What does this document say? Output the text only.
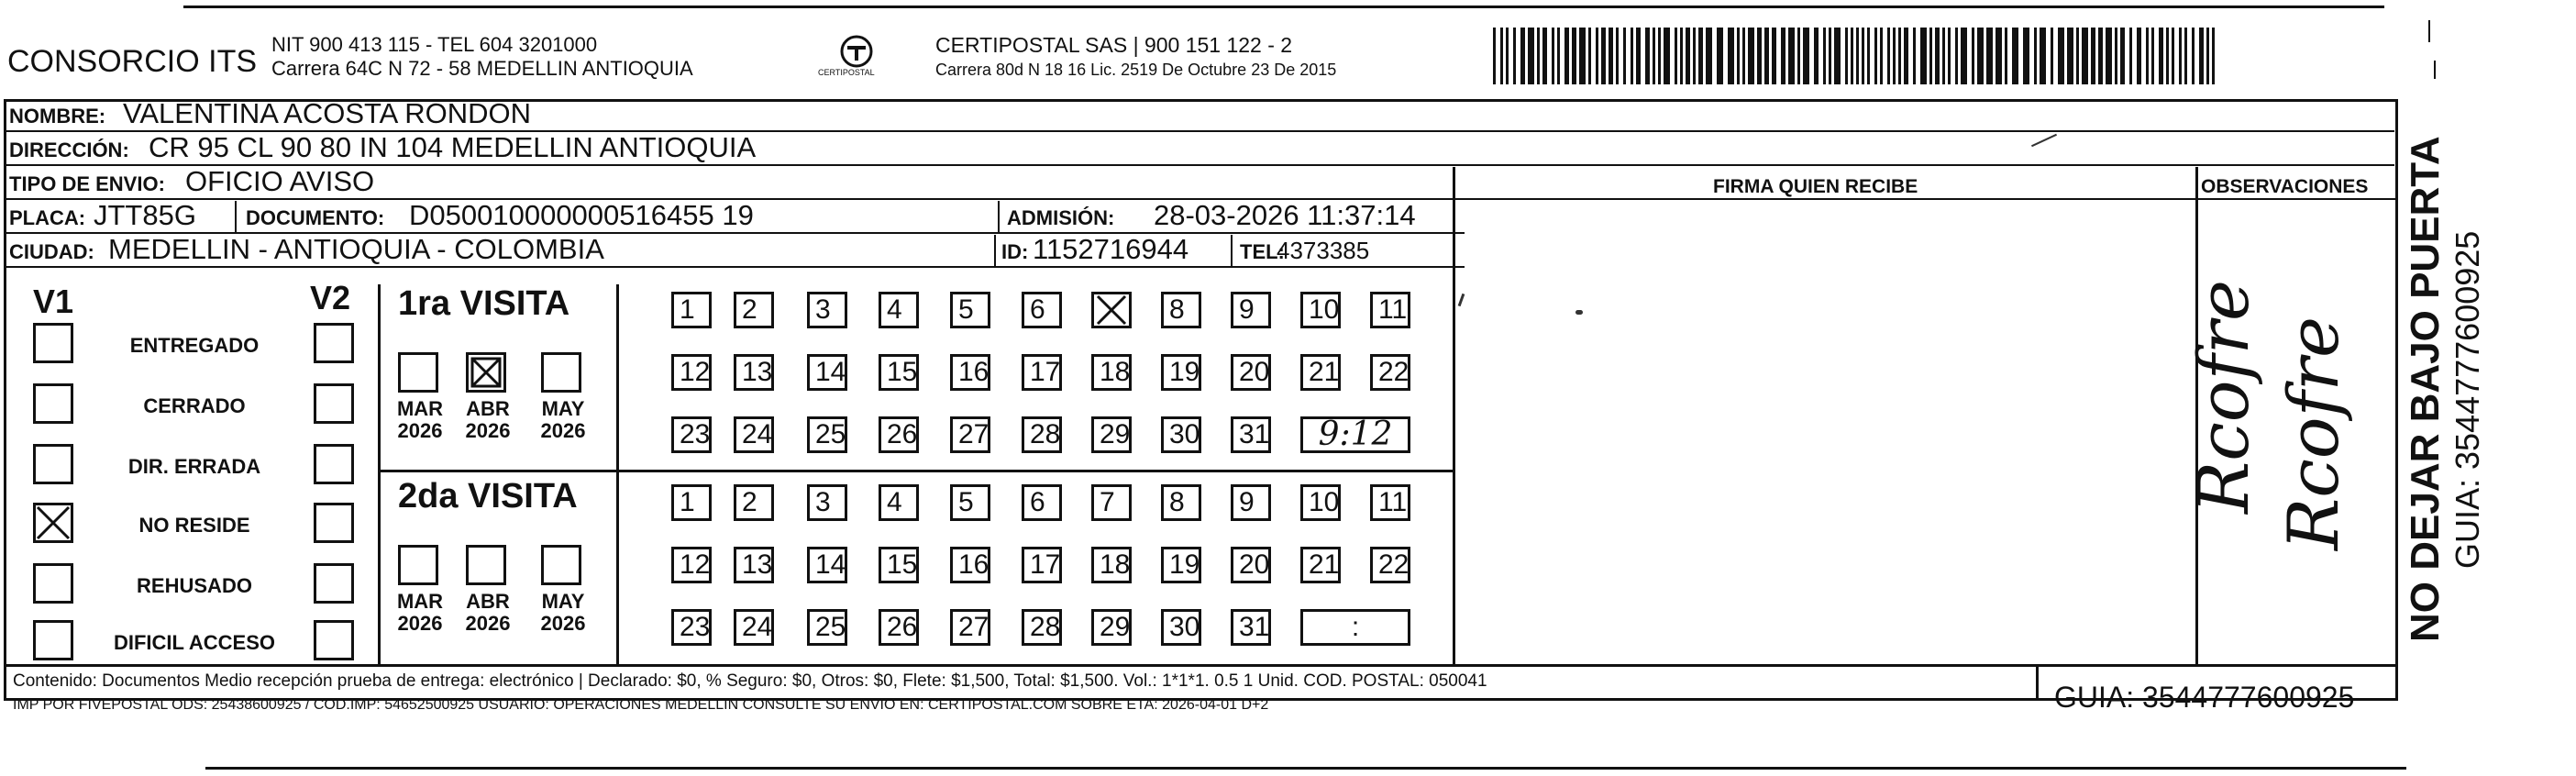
CONSORCIO ITS NIT 900 413 115 - TEL 604 3201000
Carrera 64C N 72 - 58 MEDELLIN ANTIOQUIA	CERTIPOSTAL
CERTIPOSTAL SAS | 900 151 122 - 2
Carrera 80d N 18 16 Lic. 2519 De Octubre 23 De 2015
NOMBRE: VALENTINA ACOSTA RONDON
DIRECCIÓN: CR 95 CL 90 80 IN 104 MEDELLIN ANTIOQUIA
TIPO DE ENVIO: OFICIO AVISO
PLACA: JTT85G DOCUMENTO: D050010000000516455 19	ADMISIÓN: 28-03-2026 11:37:14
CIUDAD: MEDELLIN - ANTIOQUIA - COLOMBIA	ID: 1152716944	TEL:
4373385
FIRMA QUIEN RECIBE	OBSERVACIONES
Rcofre Rcofre
V1	V2
ENTREGADO
CERRADO
DIR. ERRADA
NO RESIDE
REHUSADO
DIFICIL ACCESO
1ra VISITA
2da VISITA
MAR
2026
ABR
2026
MAY
2026
1	2	3	4	5	6	8	9	10	11
12	13	14	15	16	17	18	19	20	21	22
23	24	25	26	27	28	29	30	31	9:12
MAR
2026
ABR
2026
MAY
2026
1	2	3	4	5	6	7	8	9	10	11
12	13	14	15	16	17	18	19	20	21	22
23	24	25	26	27	28	29	30	31	:
Contenido: Documentos Medio recepción prueba de entrega: electrónico | Declarado: $0, % Seguro: $0, Otros: $0, Flete: $1,500, Total: $1,500. Vol.: 1*1*1. 0.5 1 Unid. COD. POSTAL: 050041
IMP POR FIVEPOSTAL ODS: 25438600925 / COD.IMP: 54652500925 USUARIO: OPERACIONES MEDELLIN CONSULTE SU ENVIO EN: CERTIPOSTAL.COM SOBRE ETA: 2026-04-01 D+2	GUIA: 3544777600925
NO DEJAR BAJO PUERTA GUIA: 3544777600925
